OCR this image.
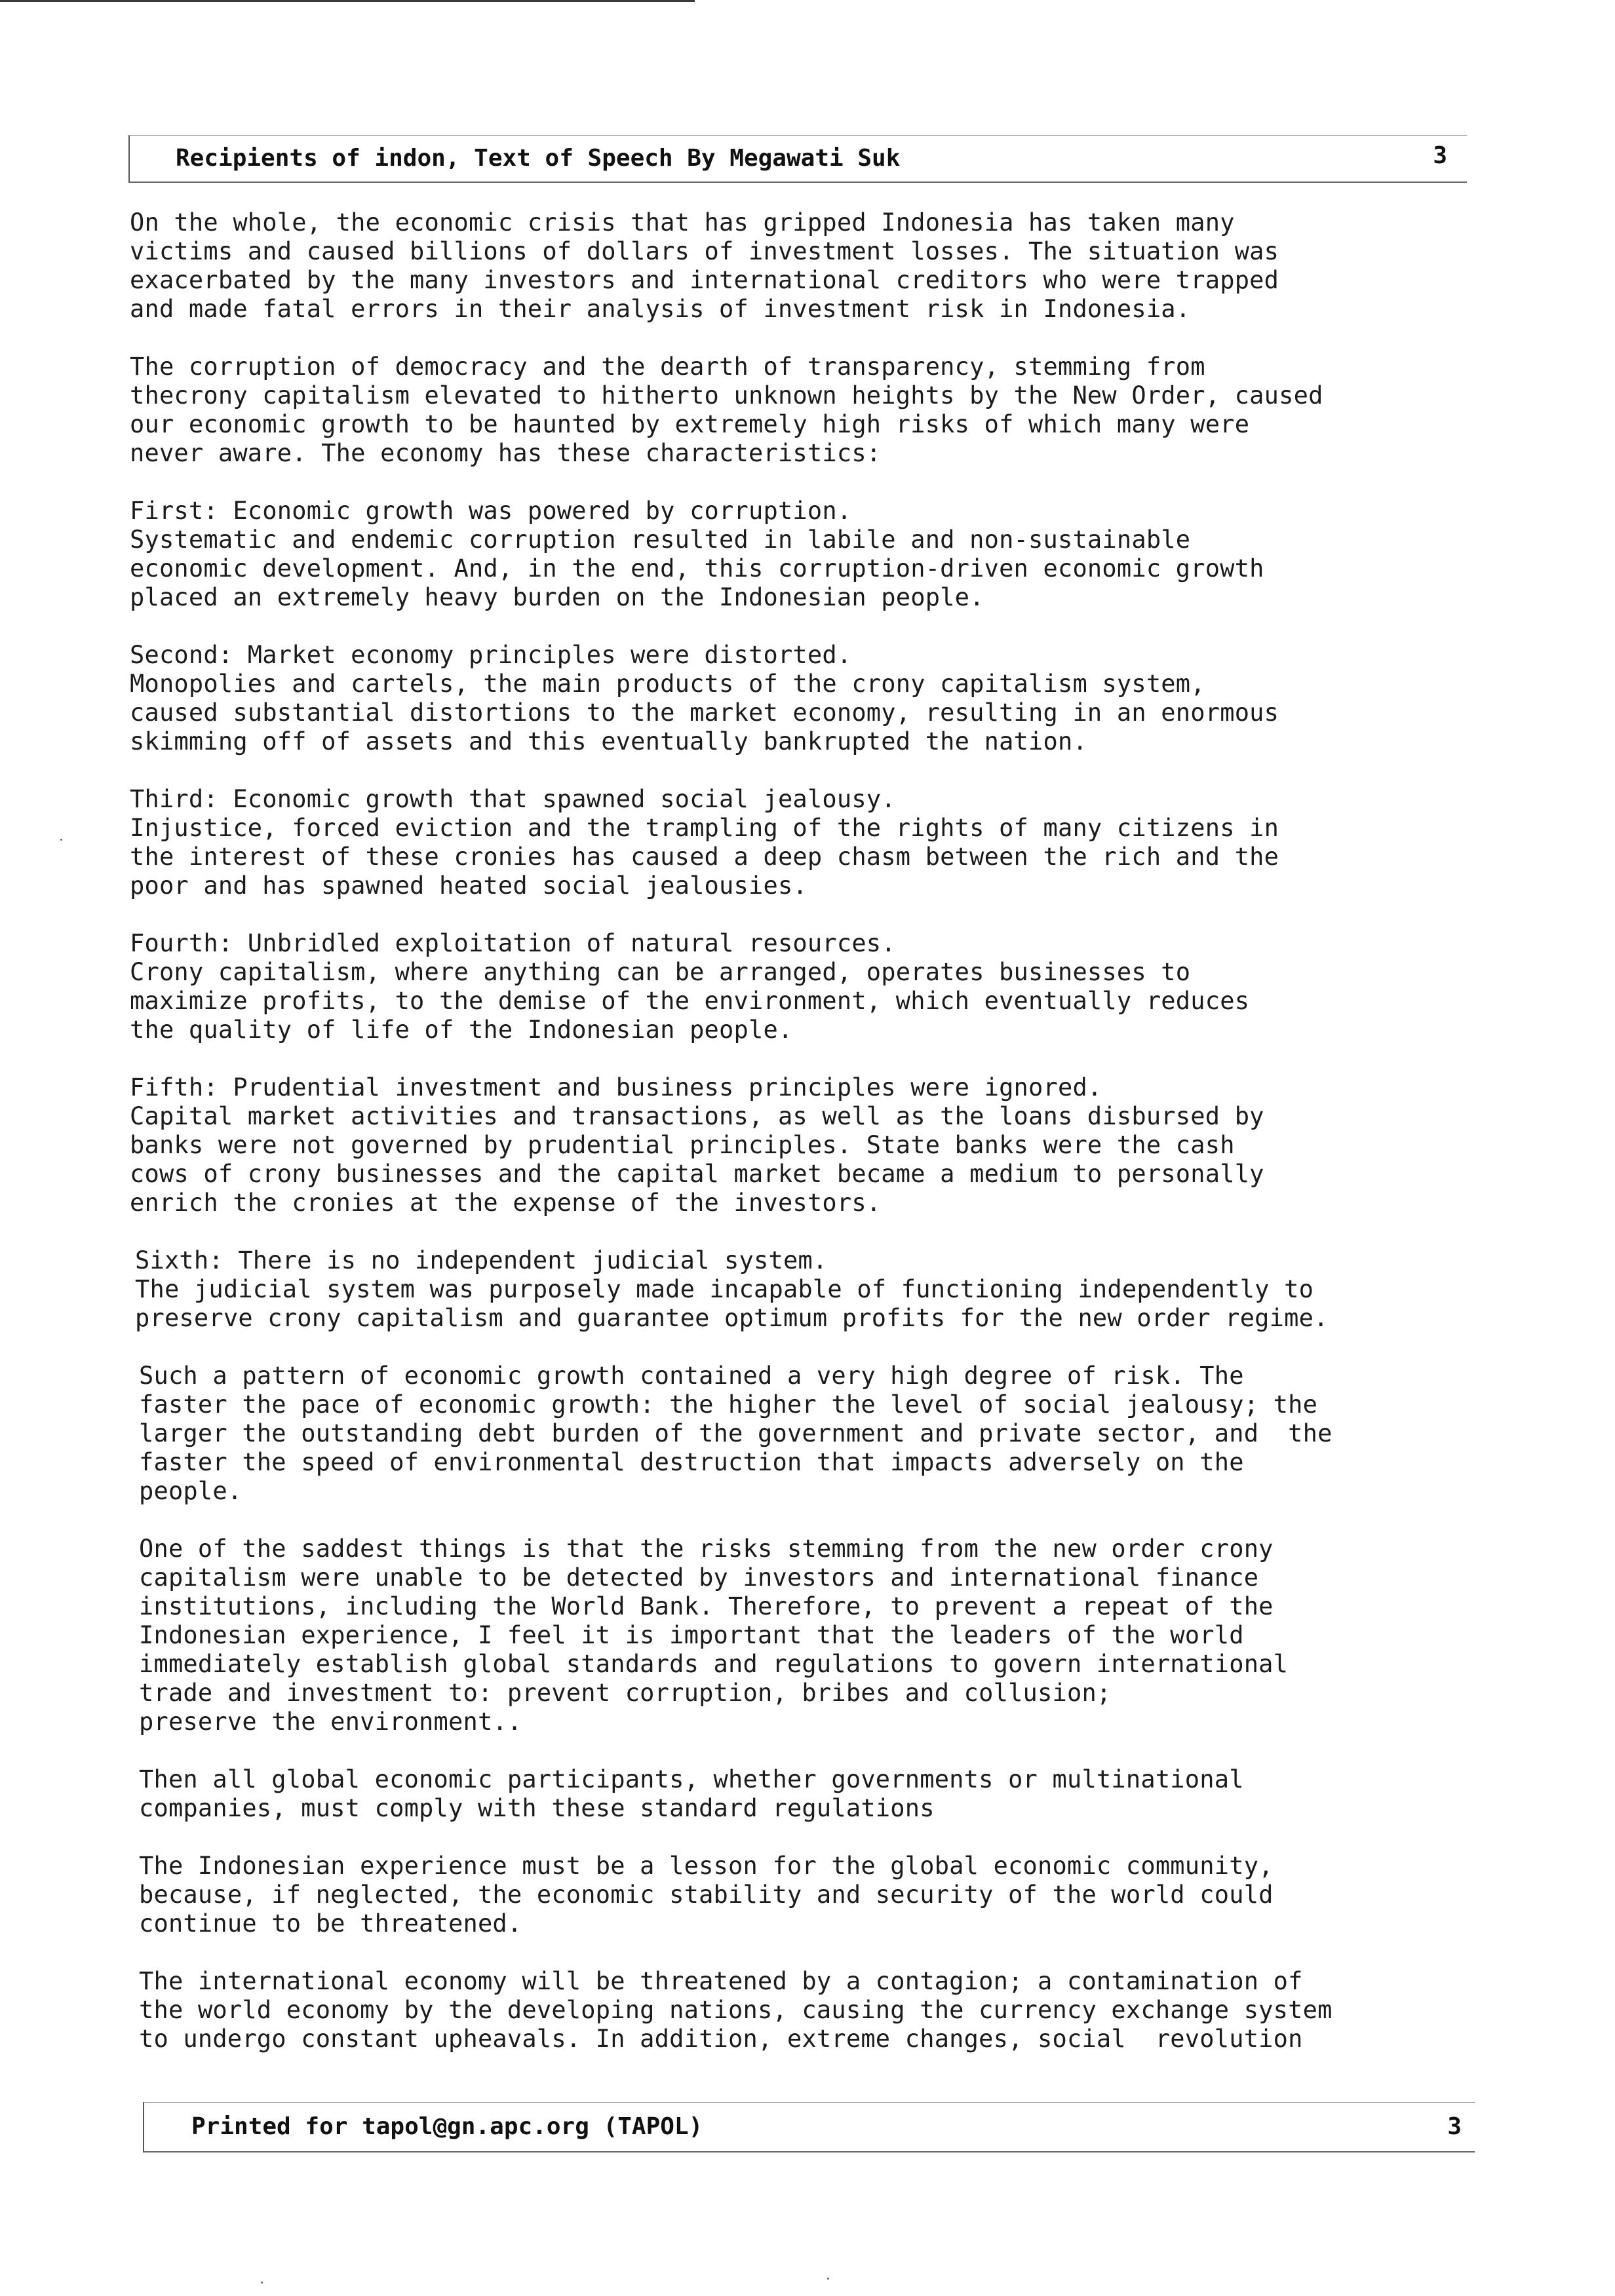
Recipients of indon, Text of Speech By Megawati Suk	3

On the whole, the economic crisis that has gripped Indonesia has taken many
victims and caused billions of dollars of investment losses. The situation was
exacerbated by the many investors and international creditors who were trapped
and made fatal errors in their analysis of investment risk in Indonesia.

The corruption of democracy and the dearth of transparency, stemming from
thecrony capitalism elevated to hitherto unknown heights by the New Order, caused
our economic growth to be haunted by extremely high risks of which many were
never aware. The economy has these characteristics:

First: Economic growth was powered by corruption.
Systematic and endemic corruption resulted in labile and non-sustainable
economic development. And, in the end, this corruption-driven economic growth
placed an extremely heavy burden on the Indonesian people.

Second: Market economy principles were distorted.
Monopolies and cartels, the main products of the crony capitalism system,
caused substantial distortions to the market economy, resulting in an enormous
skimming off of assets and this eventually bankrupted the nation.

Third: Economic growth that spawned social jealousy.
Injustice, forced eviction and the trampling of the rights of many citizens in
the interest of these cronies has caused a deep chasm between the rich and the
poor and has spawned heated social jealousies.

Fourth: Unbridled exploitation of natural resources.
Crony capitalism, where anything can be arranged, operates businesses to
maximize profits, to the demise of the environment, which eventually reduces
the quality of life of the Indonesian people.

Fifth: Prudential investment and business principles were ignored.
Capital market activities and transactions, as well as the loans disbursed by
banks were not governed by prudential principles. State banks were the cash
cows of crony businesses and the capital market became a medium to personally
enrich the cronies at the expense of the investors.

Sixth: There is no independent judicial system.
The judicial system was purposely made incapable of functioning independently to
preserve crony capitalism and guarantee optimum profits for the new order regime.

Such a pattern of economic growth contained a very high degree of risk. The
faster the pace of economic growth: the higher the level of social jealousy; the
larger the outstanding debt burden of the government and private sector, and  the
faster the speed of environmental destruction that impacts adversely on the
people.

One of the saddest things is that the risks stemming from the new order crony
capitalism were unable to be detected by investors and international finance
institutions, including the World Bank. Therefore, to prevent a repeat of the
Indonesian experience, I feel it is important that the leaders of the world
immediately establish global standards and regulations to govern international
trade and investment to: prevent corruption, bribes and collusion;
preserve the environment..

Then all global economic participants, whether governments or multinational
companies, must comply with these standard regulations

The Indonesian experience must be a lesson for the global economic community,
because, if neglected, the economic stability and security of the world could
continue to be threatened.

The international economy will be threatened by a contagion; a contamination of
the world economy by the developing nations, causing the currency exchange system
to undergo constant upheavals. In addition, extreme changes, social  revolution

Printed for tapol@gn.apc.org (TAPOL)	3
